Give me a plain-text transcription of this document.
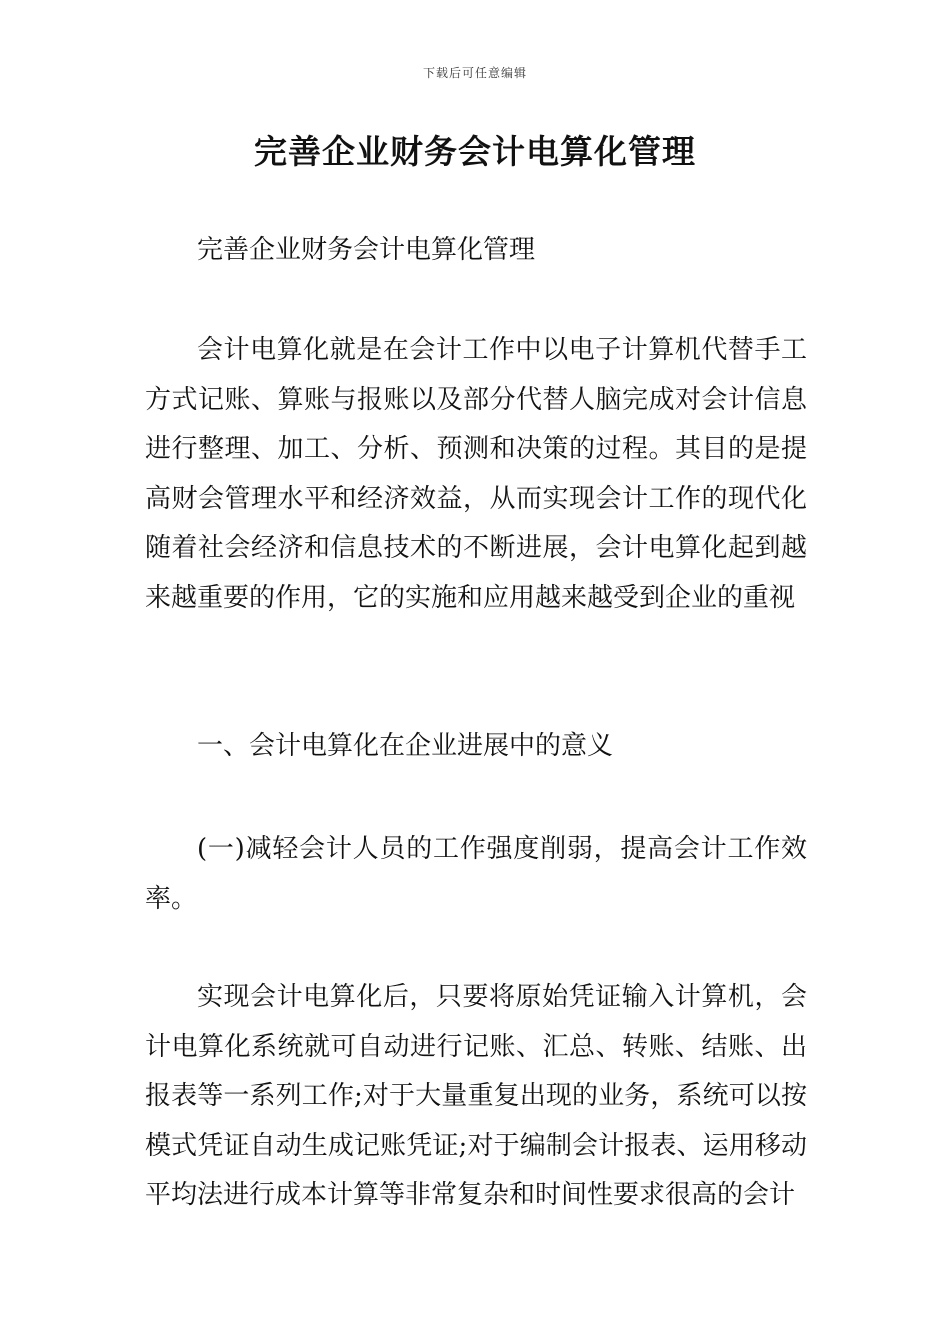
下载后可任意编辑
完善企业财务会计电算化管理

完善企业财务会计电算化管理

会计电算化就是在会计工作中以电子计算机代替手工方式记账、算账与报账以及部分代替人脑完成对会计信息进行整理、加工、分析、预测和决策的过程。其目的是提高财会管理水平和经济效益，从而实现会计工作的现代化随着社会经济和信息技术的不断进展，会计电算化起到越来越重要的作用，它的实施和应用越来越受到企业的重视

一、会计电算化在企业进展中的意义

(一)减轻会计人员的工作强度削弱，提高会计工作效率。

实现会计电算化后，只要将原始凭证输入计算机，会计电算化系统就可自动进行记账、汇总、转账、结账、出报表等一系列工作;对于大量重复出现的业务，系统可以按模式凭证自动生成记账凭证;对于编制会计报表、运用移动平均法进行成本计算等非常复杂和时间性要求很高的会计
